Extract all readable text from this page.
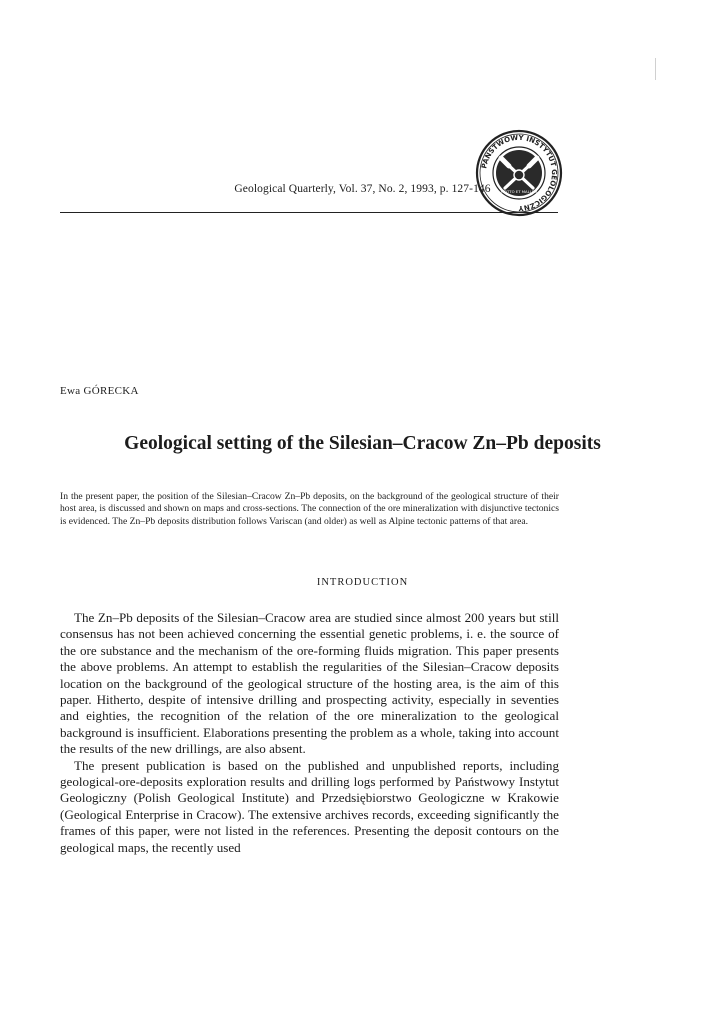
Geological Quarterly, Vol. 37, No. 2, 1993, p. 127-146
PAŃSTWOWY INSTYTUT GEOLOGICZNY
MOTTO ET MALLEO
Ewa GÓRECKA
Geological setting of the Silesian–Cracow Zn–Pb deposits

In the present paper, the position of the Silesian–Cracow Zn–Pb deposits, on the background of the geological structure of their host area, is discussed and shown on maps and cross-sections. The connection of the ore mineralization with disjunctive tectonics is evidenced. The Zn–Pb deposits distribution follows Variscan (and older) as well as Alpine tectonic patterns of that area.

INTRODUCTION

The Zn–Pb deposits of the Silesian–Cracow area are studied since almost 200 years but still consensus has not been achieved concerning the essential genetic problems, i. e. the source of the ore substance and the mechanism of the ore-forming fluids migration. This paper presents the above problems. An attempt to establish the regularities of the Silesian–Cracow deposits location on the background of the geological structure of the hosting area, is the aim of this paper. Hitherto, despite of intensive drilling and prospecting activity, especially in seventies and eighties, the recognition of the relation of the ore mineralization to the geological background is insufficient. Elaborations presenting the problem as a whole, taking into account the results of the new drillings, are also absent.

The present publication is based on the published and unpublished reports, including geological-ore-deposits exploration results and drilling logs performed by Państwowy Instytut Geologiczny (Polish Geological Institute) and Przedsiębiorstwo Geologiczne w Krakowie (Geological Enterprise in Cracow). The extensive archives records, exceeding significantly the frames of this paper, were not listed in the references. Presenting the deposit contours on the geological maps, the recently used
